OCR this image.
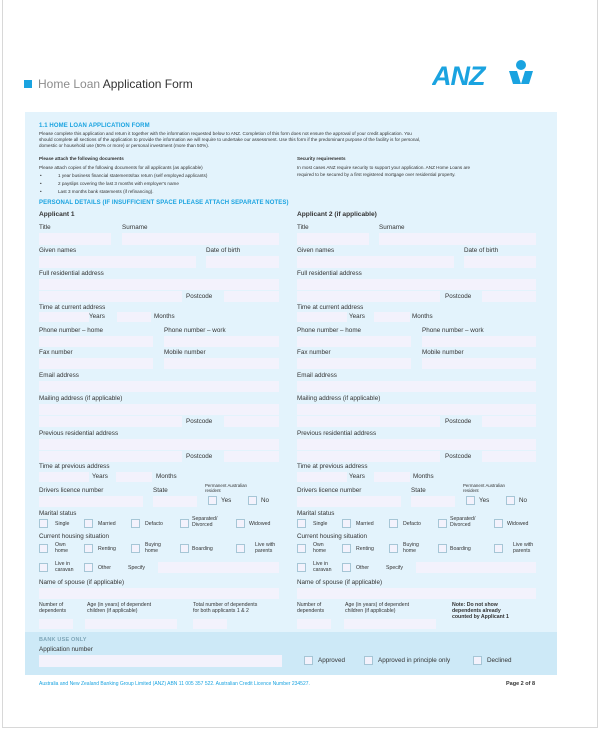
Home Loan Application Form	ANZ
1.1 HOME LOAN APPLICATION FORM
Please complete this application and return it together with the information requested below to ANZ. Completion of this form does not ensure the approval of your credit application. You
should complete all sections of the application to provide the information we will require to undertake our assessment. Use this form if the predominant purpose of the facility is for personal,
domestic or household use (50% or more) or personal investment (more than 50%).
Please attach the following documents
Please attach copies of the following documents for all applicants (as applicable)
•	1 year business financial statements/tax return (self employed applicants)
•	2 payslips covering the last 3 months with employer's name
•	Last 3 months bank statements (if refinancing).
Security requirements
In most cases ANZ require security to support your application. ANZ Home Loans are
required to be secured by a first registered mortgage over residential property.
PERSONAL DETAILS (IF INSUFFICIENT SPACE PLEASE ATTACH SEPARATE NOTES)
Applicant 1
Title	Surname
Given names	Date of birth
Full residential address
Postcode
Time at current address
Years	Months
Phone number – home	Phone number – work
Fax number	Mobile number
Email address
Mailing address (if applicable)
Postcode
Previous residential address
Postcode
Time at previous address
Years	Months
Drivers licence number	State
Permanent Australian
resident
Yes	No
Marital status
Single	Married	Defacto
Separated/
Divorced	Widowed
Current housing situation
Own
home	Renting
Buying
home	Boarding
Live with
parents
Live in
caravan	Other	Specify
Name of spouse (if applicable)
Number of
dependents
Age (in years) of dependent
children (if applicable)
Total number of dependents
for both applicants 1 & 2
Applicant 2 (if applicable)
Title	Surname
Given names	Date of birth
Full residential address
Postcode
Time at current address
Years	Months
Phone number – home	Phone number – work
Fax number	Mobile number
Email address
Mailing address (if applicable)
Postcode
Previous residential address
Postcode
Time at previous address
Years	Months
Drivers licence number	State
Permanent Australian
resident
Yes	No
Marital status
Single	Married	Defacto
Separated/
Divorced	Widowed
Current housing situation
Own
home	Renting
Buying
home	Boarding
Live with
parents
Live in
caravan	Other	Specify
Name of spouse (if applicable)
Number of
dependents
Age (in years) of dependent
children (if applicable)
Note: Do not show
dependents already
counted by Applicant 1
BANK USE ONLY
Application number
Approved	Approved in principle only	Declined
Australia and New Zealand Banking Group Limited (ANZ) ABN 11 005 357 522. Australian Credit Licence Number 234527.	Page 2 of 8
